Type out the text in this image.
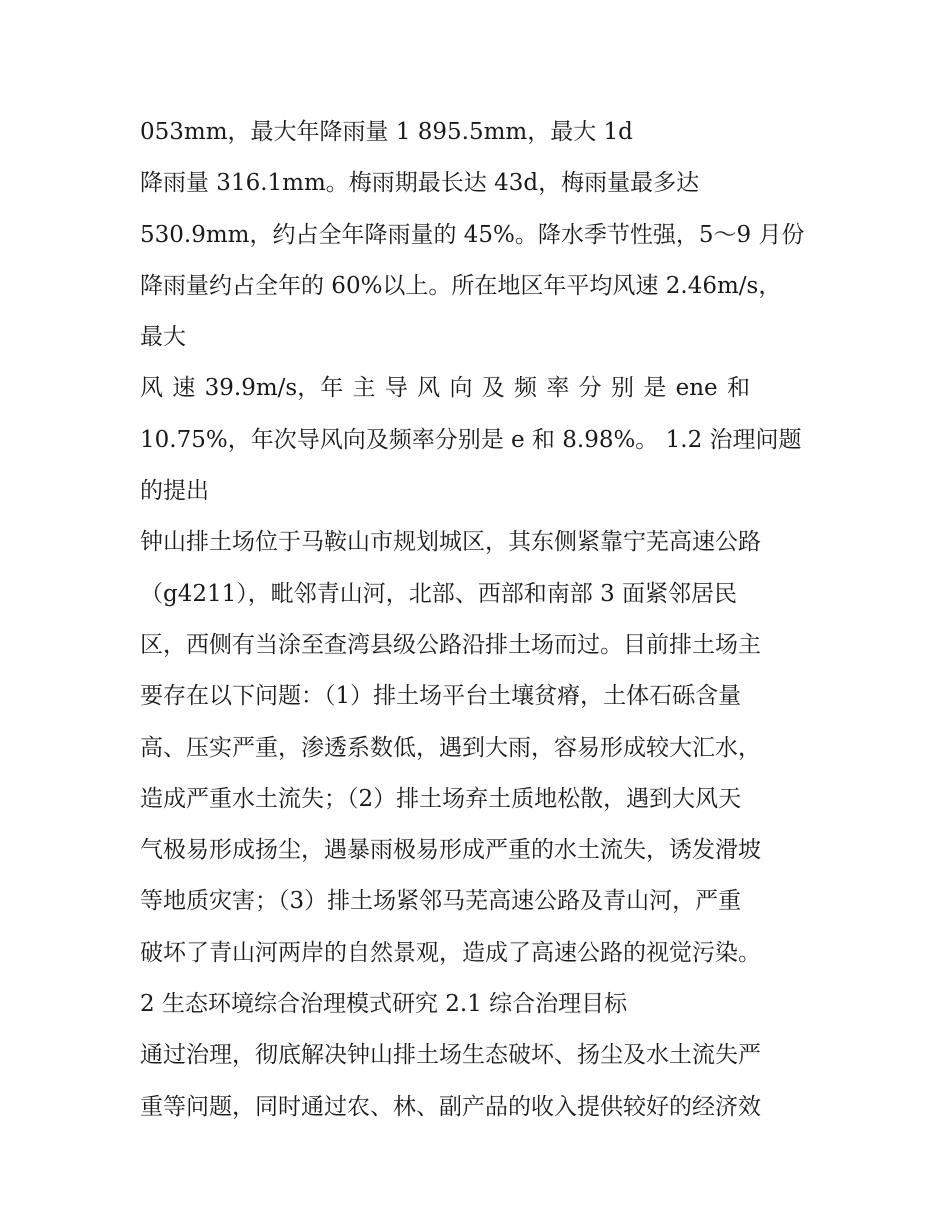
053mm，最大年降雨量 1 895.5mm，最大 1d
降雨量 316.1mm。梅雨期最长达 43d，梅雨量最多达
530.9mm，约占全年降雨量的 45%。降水季节性强，5～9 月份
降雨量约占全年的 60%以上。所在地区年平均风速 2.46m/s，
最大
风 速 39.9m/s，年 主 导 风 向 及 频 率 分 别 是 ene 和
10.75%，年次导风向及频率分别是 e 和 8.98%。 1.2 治理问题
的提出
钟山排土场位于马鞍山市规划城区，其东侧紧靠宁芜高速公路
（g4211），毗邻青山河，北部、西部和南部 3 面紧邻居民
区，西侧有当涂至查湾县级公路沿排土场而过。目前排土场主
要存在以下问题：（1）排土场平台土壤贫瘠，土体石砾含量
高、压实严重，渗透系数低，遇到大雨，容易形成较大汇水，
造成严重水土流失；（2）排土场弃土质地松散，遇到大风天
气极易形成扬尘，遇暴雨极易形成严重的水土流失，诱发滑坡
等地质灾害；（3）排土场紧邻马芜高速公路及青山河，严重
破坏了青山河两岸的自然景观，造成了高速公路的视觉污染。
2 生态环境综合治理模式研究 2.1 综合治理目标
通过治理，彻底解决钟山排土场生态破坏、扬尘及水土流失严
重等问题，同时通过农、林、副产品的收入提供较好的经济效
